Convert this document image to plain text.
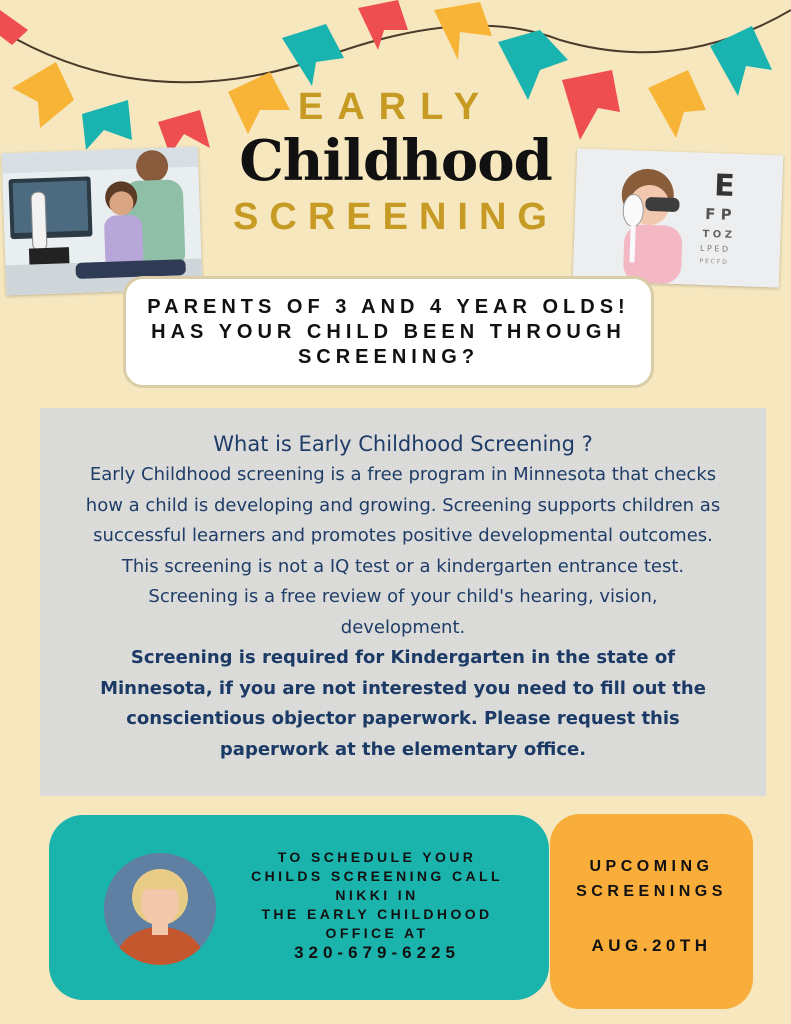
EARLY
Childhood
SCREENING
E
F P
T O Z
L P E D
P E C F D
PARENTS OF 3 AND 4 YEAR OLDS!
HAS YOUR CHILD BEEN THROUGH
SCREENING?
What is Early Childhood Screening ?
Early Childhood screening is a free program in Minnesota that checks how a child is developing and growing. Screening supports children as successful learners and promotes positive developmental outcomes. This screening is not a IQ test or a kindergarten entrance test. Screening is a free review of your child's hearing, vision, development.
Screening is required for Kindergarten in the state of Minnesota, if you are not interested you need to fill out the conscientious objector paperwork. Please request this paperwork at the elementary office.
TO SCHEDULE YOUR
CHILDS SCREENING CALL
NIKKI IN
THE EARLY CHILDHOOD
OFFICE AT
320-679-6225
UPCOMING
SCREENINGS
AUG.20TH
